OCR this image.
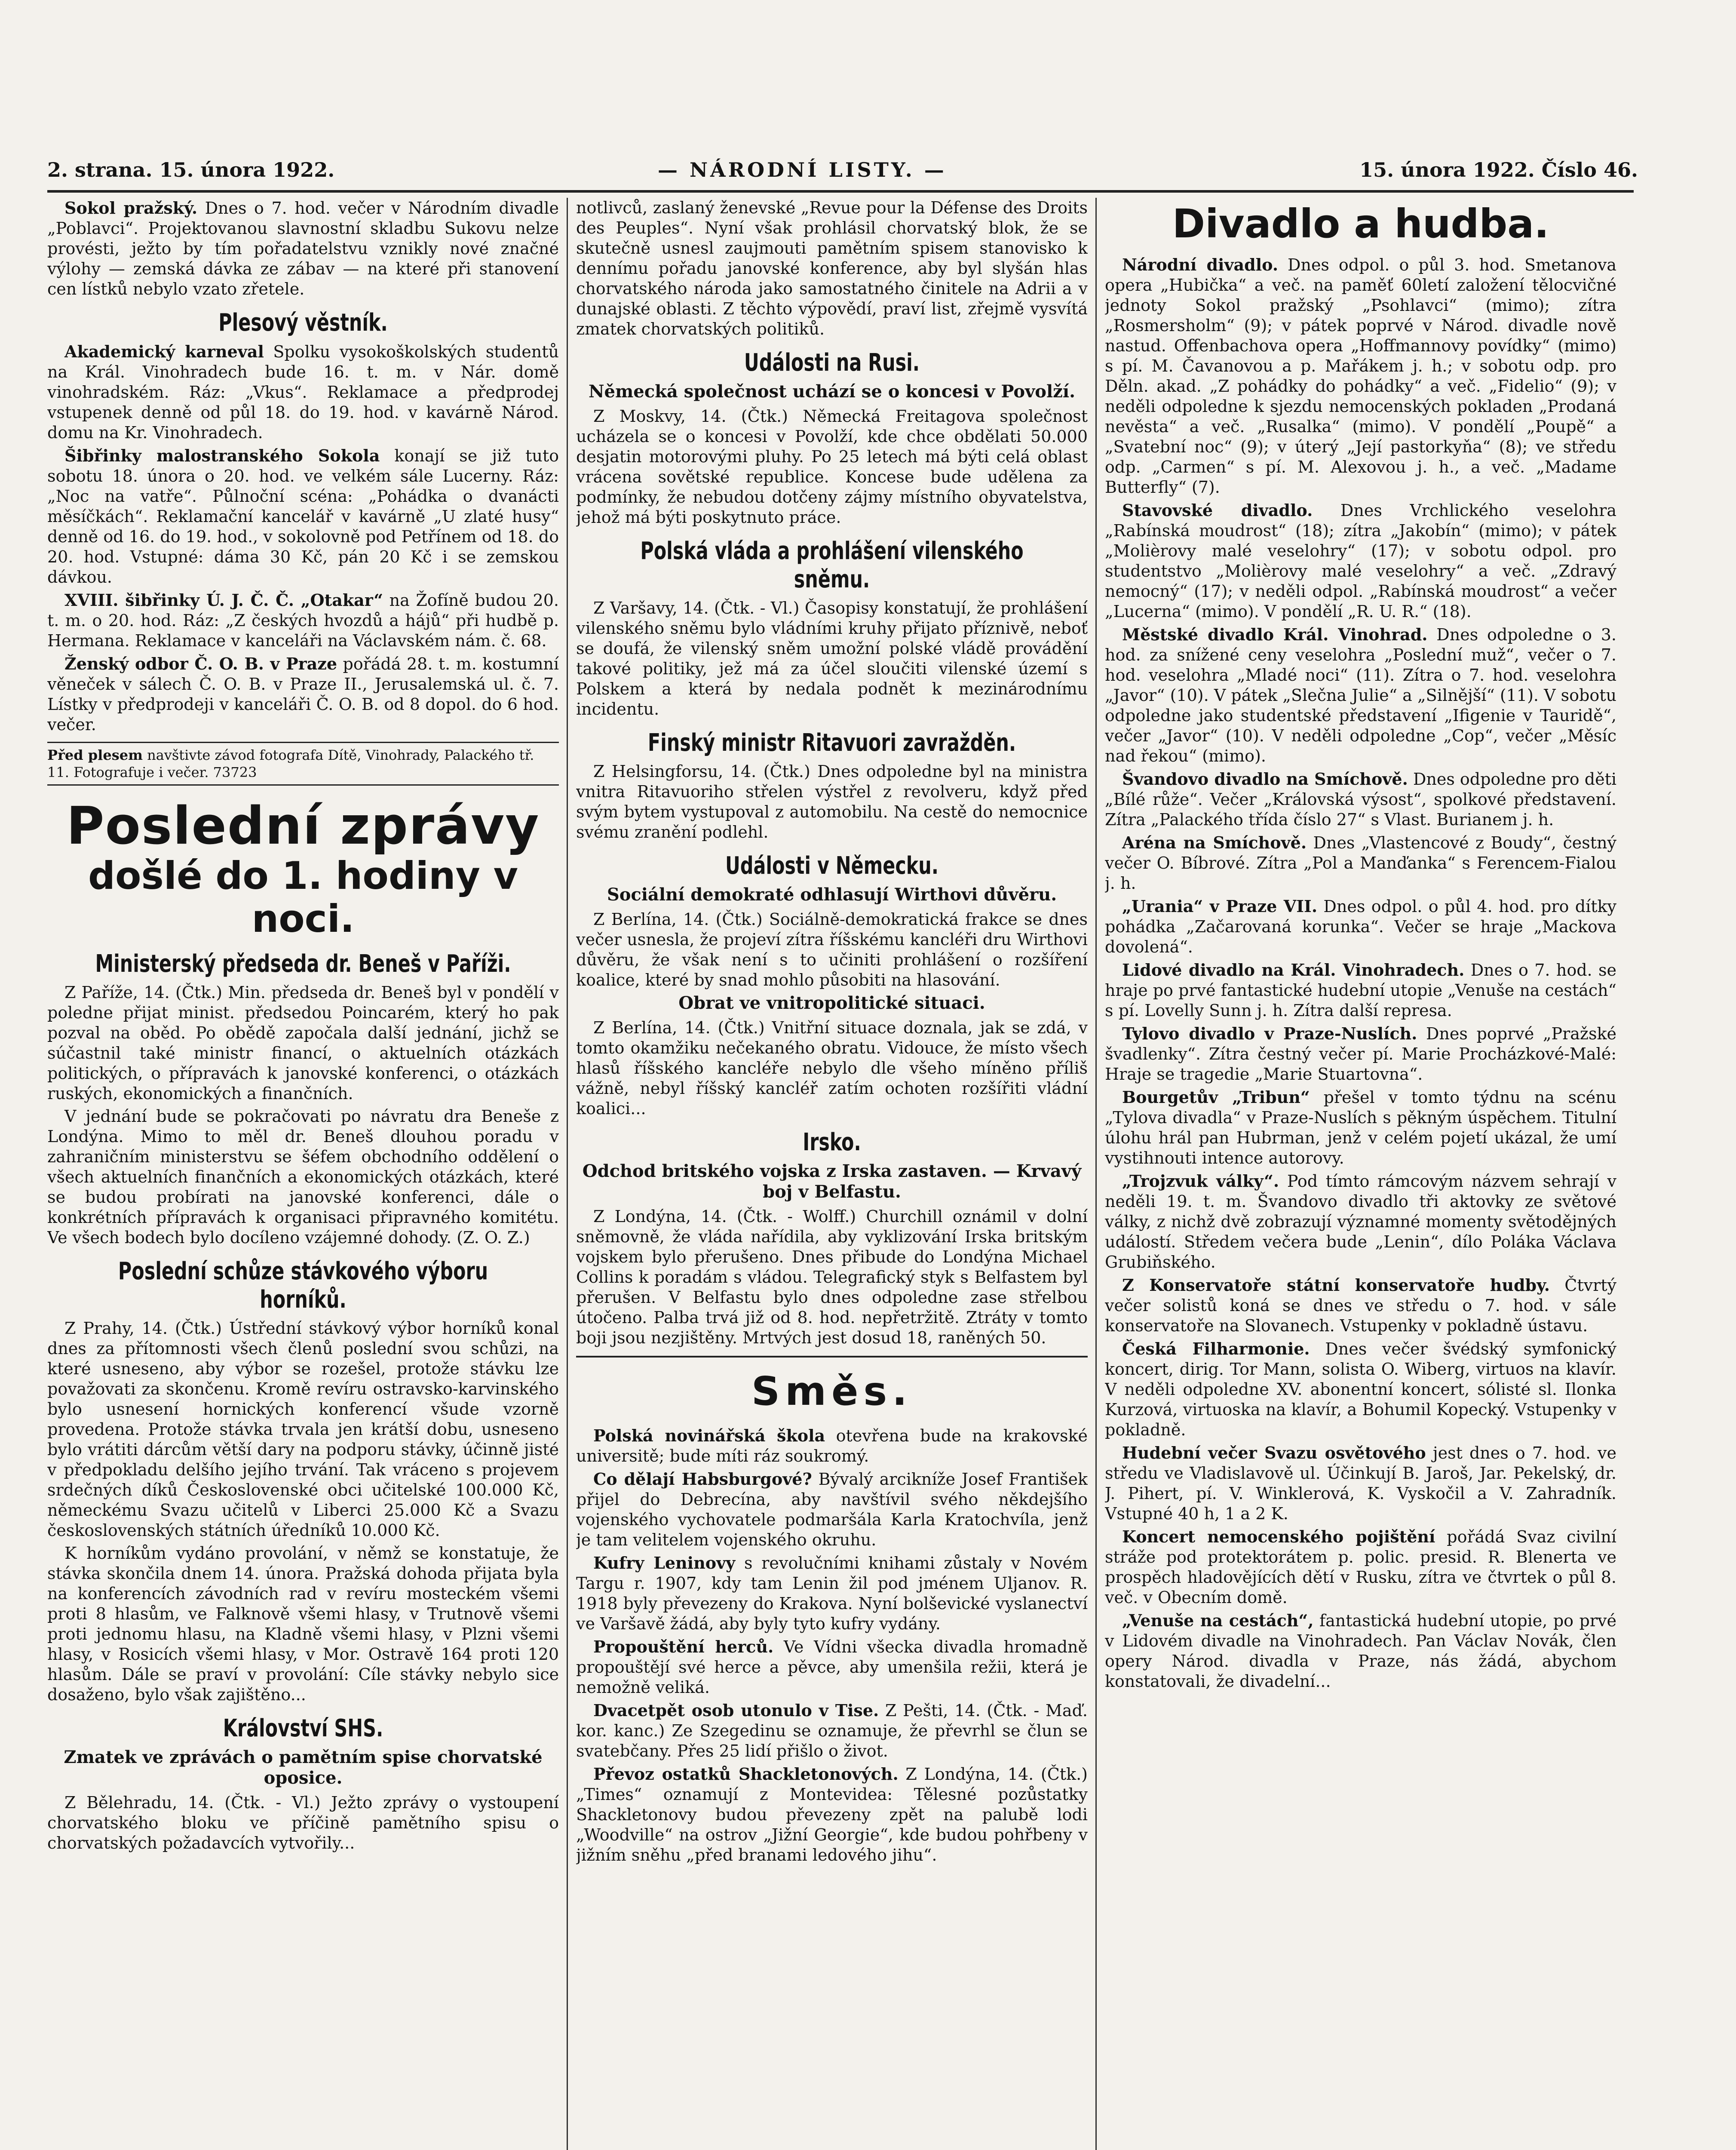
2. strana. 15. února 1922.	— NÁRODNÍ LISTY. —	15. února 1922. Číslo 46.

Sokol pražský. Dnes o 7. hod. večer v Národním divadle „Poblavci“. Projektovanou slavnostní skladbu Sukovu nelze provésti, ježto by tím pořadatelstvu vznikly nové značné výlohy — zemská dávka ze zábav — na které při stanovení cen lístků nebylo vzato zřetele.

Plesový věstník.

Akademický karneval Spolku vysokoškolských studentů na Král. Vinohradech bude 16. t. m. v Nár. domě vinohradském. Ráz: „Vkus“. Reklamace a předprodej vstupenek denně od půl 18. do 19. hod. v kavárně Národ. domu na Kr. Vinohradech.

Šibřinky malostranského Sokola konají se již tuto sobotu 18. února o 20. hod. ve velkém sále Lucerny. Ráz: „Noc na vatře“. Půlnoční scéna: „Pohádka o dvanácti měsíčkách“. Reklamační kancelář v kavárně „U zlaté husy“ denně od 16. do 19. hod., v sokolovně pod Petřínem od 18. do 20. hod. Vstupné: dáma 30 Kč, pán 20 Kč i se zemskou dávkou.

XVIII. šibřinky Ú. J. Č. Č. „Otakar“ na Žofíně budou 20. t. m. o 20. hod. Ráz: „Z českých hvozdů a hájů“ při hudbě p. Hermana. Reklamace v kanceláři na Václavském nám. č. 68.

Ženský odbor Č. O. B. v Praze pořádá 28. t. m. kostumní věneček v sálech Č. O. B. v Praze II., Jerusalemská ul. č. 7. Lístky v předprodeji v kanceláři Č. O. B. od 8 dopol. do 6 hod. večer.

Před plesem navštivte závod fotografa Dítě, Vinohrady, Palackého tř. 11. Fotografuje i večer. 73723
Poslední zprávy
došlé do 1. hodiny v noci.
Ministerský předseda dr. Beneš v Paříži.

Z Paříže, 14. (Čtk.) Min. předseda dr. Beneš byl v pondělí v poledne přijat minist. předsedou Poincarém, který ho pak pozval na oběd. Po obědě započala další jednání, jichž se súčastnil také ministr financí, o aktuelních otázkách politických, o přípravách k janovské konferenci, o otázkách ruských, ekonomických a finančních.

V jednání bude se pokračovati po návratu dra Beneše z Londýna. Mimo to měl dr. Beneš dlouhou poradu v zahraničním ministerstvu se šéfem obchodního oddělení o všech aktuelních finančních a ekonomických otázkách, které se budou probírati na janovské konferenci, dále o konkrétních přípravách k organisaci připravného komitétu. Ve všech bodech bylo docíleno vzájemné dohody. (Z. O. Z.)

Poslední schůze stávkového výboru horníků.

Z Prahy, 14. (Čtk.) Ústřední stávkový výbor horníků konal dnes za přítomnosti všech členů poslední svou schůzi, na které usneseno, aby výbor se rozešel, protože stávku lze považovati za skončenu. Kromě revíru ostravsko-karvinského bylo usnesení hornických konferencí všude vzorně provedena. Protože stávka trvala jen krátší dobu, usneseno bylo vrátiti dárcům větší dary na podporu stávky, účinně jisté v předpokladu delšího jejího trvání. Tak vráceno s projevem srdečných díků Československé obci učitelské 100.000 Kč, německému Svazu učitelů v Liberci 25.000 Kč a Svazu československých státních úředníků 10.000 Kč.

K horníkům vydáno provolání, v němž se konstatuje, že stávka skončila dnem 14. února. Pražská dohoda přijata byla na konferencích závodních rad v revíru mosteckém všemi proti 8 hlasům, ve Falknově všemi hlasy, v Trutnově všemi proti jednomu hlasu, na Kladně všemi hlasy, v Plzni všemi hlasy, v Rosicích všemi hlasy, v Mor. Ostravě 164 proti 120 hlasům. Dále se praví v provolání: Cíle stávky nebylo sice dosaženo, bylo však zajištěno...

Království SHS.
Zmatek ve zprávách o pamětním spise chorvatské oposice.

Z Bělehradu, 14. (Čtk. - Vl.) Ježto zprávy o vystoupení chorvatského bloku ve příčině pamětního spisu o chorvatských požadavcích vytvořily...

notlivců, zaslaný ženevské „Revue pour la Défense des Droits des Peuples“. Nyní však prohlásil chorvatský blok, že se skutečně usnesl zaujmouti pamětním spisem stanovisko k dennímu pořadu janovské konference, aby byl slyšán hlas chorvatského národa jako samostatného činitele na Adrii a v dunajské oblasti. Z těchto výpovědí, praví list, zřejmě vysvítá zmatek chorvatských politiků.

Události na Rusi.
Německá společnost uchází se o koncesi v Povolží.

Z Moskvy, 14. (Čtk.) Německá Freitagova společnost ucházela se o koncesi v Povolží, kde chce obdělati 50.000 desjatin motorovými pluhy. Po 25 letech má býti celá oblast vrácena sovětské republice. Koncese bude udělena za podmínky, že nebudou dotčeny zájmy místního obyvatelstva, jehož má býti poskytnuto práce.

Polská vláda a prohlášení vilenského sněmu.

Z Varšavy, 14. (Čtk. - Vl.) Časopisy konstatují, že prohlášení vilenského sněmu bylo vládními kruhy přijato příznivě, neboť se doufá, že vilenský sněm umožní polské vládě provádění takové politiky, jež má za účel sloučiti vilenské území s Polskem a která by nedala podnět k mezinárodnímu incidentu.

Finský ministr Ritavuori zavražděn.

Z Helsingforsu, 14. (Čtk.) Dnes odpoledne byl na ministra vnitra Ritavuoriho střelen výstřel z revolveru, když před svým bytem vystupoval z automobilu. Na cestě do nemocnice svému zranění podlehl.

Události v Německu.
Sociální demokraté odhlasují Wirthovi důvěru.

Z Berlína, 14. (Čtk.) Sociálně-demokratická frakce se dnes večer usnesla, že projeví zítra říšskému kancléři dru Wirthovi důvěru, že však není s to učiniti prohlášení o rozšíření koalice, které by snad mohlo působiti na hlasování.

Obrat ve vnitropolitické situaci.

Z Berlína, 14. (Čtk.) Vnitřní situace doznala, jak se zdá, v tomto okamžiku nečekaného obratu. Vidouce, že místo všech hlasů říšského kancléře nebylo dle všeho míněno příliš vážně, nebyl říšský kancléř zatím ochoten rozšířiti vládní koalici...

Irsko.
Odchod britského vojska z Irska zastaven. — Krvavý boj v Belfastu.

Z Londýna, 14. (Čtk. - Wolff.) Churchill oznámil v dolní sněmovně, že vláda nařídila, aby vyklizování Irska britským vojskem bylo přerušeno. Dnes přibude do Londýna Michael Collins k poradám s vládou. Telegrafický styk s Belfastem byl přerušen. V Belfastu bylo dnes odpoledne zase střelbou útočeno. Palba trvá již od 8. hod. nepřetržitě. Ztráty v tomto boji jsou nezjištěny. Mrtvých jest dosud 18, raněných 50.

Směs.

Polská novinářská škola otevřena bude na krakovské universitě; bude míti ráz soukromý.

Co dělají Habsburgové? Bývalý arcikníže Josef František přijel do Debrecína, aby navštívil svého někdejšího vojenského vychovatele podmaršála Karla Kratochvíla, jenž je tam velitelem vojenského okruhu.

Kufry Leninovy s revolučními knihami zůstaly v Novém Targu r. 1907, kdy tam Lenin žil pod jménem Uljanov. R. 1918 byly převezeny do Krakova. Nyní bolševické vyslanectví ve Varšavě žádá, aby byly tyto kufry vydány.

Propouštění herců. Ve Vídni všecka divadla hromadně propouštějí své herce a pěvce, aby umenšila režii, která je nemožně veliká.

Dvacetpět osob utonulo v Tise. Z Pešti, 14. (Čtk. - Maď. kor. kanc.) Ze Szegedinu se oznamuje, že převrhl se člun se svatebčany. Přes 25 lidí přišlo o život.

Převoz ostatků Shackletonových. Z Londýna, 14. (Čtk.) „Times“ oznamují z Montevidea: Tělesné pozůstatky Shackletonovy budou převezeny zpět na palubě lodi „Woodville“ na ostrov „Jižní Georgie“, kde budou pohřbeny v jižním sněhu „před branami ledového jihu“.

Divadlo a hudba.

Národní divadlo. Dnes odpol. o půl 3. hod. Smetanova opera „Hubička“ a več. na paměť 60letí založení tělocvičné jednoty Sokol pražský „Psohlavci“ (mimo); zítra „Rosmersholm“ (9); v pátek poprvé v Národ. divadle nově nastud. Offenbachova opera „Hoffmannovy povídky“ (mimo) s pí. M. Čavanovou a p. Mařákem j. h.; v sobotu odp. pro Děln. akad. „Z pohádky do pohádky“ a več. „Fidelio“ (9); v neděli odpoledne k sjezdu nemocenských pokladen „Prodaná nevěsta“ a več. „Rusalka“ (mimo). V pondělí „Poupě“ a „Svatební noc“ (9); v úterý „Její pastorkyňa“ (8); ve středu odp. „Carmen“ s pí. M. Alexovou j. h., a več. „Madame Butterfly“ (7).

Stavovské divadlo. Dnes Vrchlického veselohra „Rabínská moudrost“ (18); zítra „Jakobín“ (mimo); v pátek „Molièrovy malé veselohry“ (17); v sobotu odpol. pro studentstvo „Molièrovy malé veselohry“ a več. „Zdravý nemocný“ (17); v neděli odpol. „Rabínská moudrost“ a večer „Lucerna“ (mimo). V pondělí „R. U. R.“ (18).

Městské divadlo Král. Vinohrad. Dnes odpoledne o 3. hod. za snížené ceny veselohra „Poslední muž“, večer o 7. hod. veselohra „Mladé noci“ (11). Zítra o 7. hod. veselohra „Javor“ (10). V pátek „Slečna Julie“ a „Silnější“ (11). V sobotu odpoledne jako studentské představení „Ifigenie v Tauridě“, večer „Javor“ (10). V neděli odpoledne „Cop“, večer „Měsíc nad řekou“ (mimo).

Švandovo divadlo na Smíchově. Dnes odpoledne pro děti „Bílé růže“. Večer „Královská výsost“, spolkové představení. Zítra „Palackého třída číslo 27“ s Vlast. Burianem j. h.

Aréna na Smíchově. Dnes „Vlastencové z Boudy“, čestný večer O. Bíbrové. Zítra „Pol a Manďanka“ s Ferencem-Fialou j. h.

„Urania“ v Praze VII. Dnes odpol. o půl 4. hod. pro dítky pohádka „Začarovaná korunka“. Večer se hraje „Mackova dovolená“.

Lidové divadlo na Král. Vinohradech. Dnes o 7. hod. se hraje po prvé fantastické hudební utopie „Venuše na cestách“ s pí. Lovelly Sunn j. h. Zítra další represa.

Tylovo divadlo v Praze-Nuslích. Dnes poprvé „Pražské švadlenky“. Zítra čestný večer pí. Marie Procházkové-Malé: Hraje se tragedie „Marie Stuartovna“.

Bourgetův „Tribun“ přešel v tomto týdnu na scénu „Tylova divadla“ v Praze-Nuslích s pěkným úspěchem. Titulní úlohu hrál pan Hubrman, jenž v celém pojetí ukázal, že umí vystihnouti intence autorovy.

„Trojzvuk války“. Pod tímto rámcovým názvem sehrají v neděli 19. t. m. Švandovo divadlo tři aktovky ze světové války, z nichž dvě zobrazují významné momenty světodějných událostí. Středem večera bude „Lenin“, dílo Poláka Václava Grubiňského.

Z Konservatoře státní konservatoře hudby. Čtvrtý večer solistů koná se dnes ve středu o 7. hod. v sále konservatoře na Slovanech. Vstupenky v pokladně ústavu.

Česká Filharmonie. Dnes večer švédský symfonický koncert, dirig. Tor Mann, solista O. Wiberg, virtuos na klavír. V neděli odpoledne XV. abonentní koncert, sólisté sl. Ilonka Kurzová, virtuoska na klavír, a Bohumil Kopecký. Vstupenky v pokladně.

Hudební večer Svazu osvětového jest dnes o 7. hod. ve středu ve Vladislavově ul. Účinkují B. Jaroš, Jar. Pekelský, dr. J. Pihert, pí. V. Winklerová, K. Vyskočil a V. Zahradník. Vstupné 40 h, 1 a 2 K.

Koncert nemocenského pojištění pořádá Svaz civilní stráže pod protektorátem p. polic. presid. R. Blenerta ve prospěch hladovějících dětí v Rusku, zítra ve čtvrtek o půl 8. več. v Obecním domě.

„Venuše na cestách“, fantastická hudební utopie, po prvé v Lidovém divadle na Vinohradech. Pan Václav Novák, člen opery Národ. divadla v Praze, nás žádá, abychom konstatovali, že divadelní...
